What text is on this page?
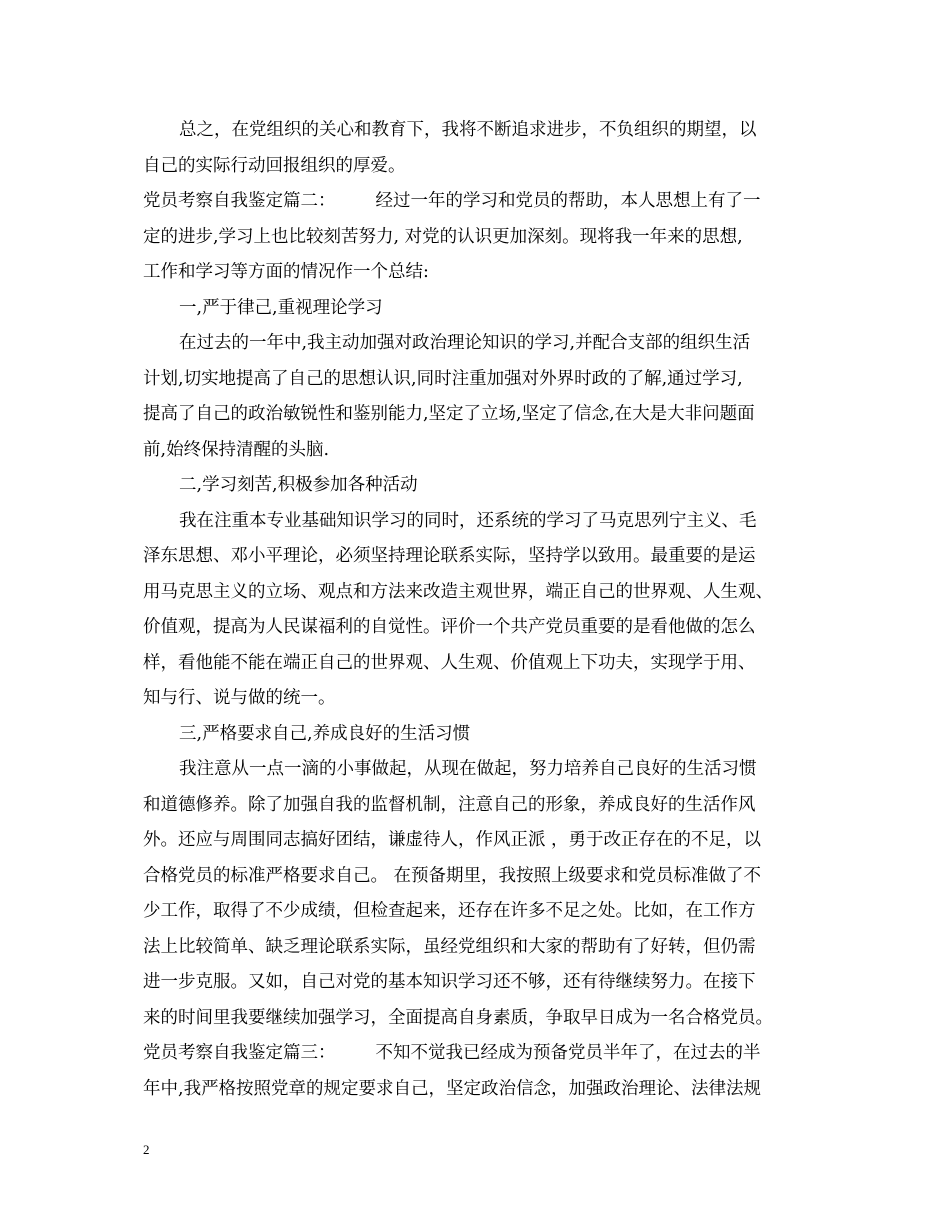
总之，在党组织的关心和教育下，我将不断追求进步，不负组织的期望，以
自己的实际行动回报组织的厚爱。
党员考察自我鉴定篇二： 经过一年的学习和党员的帮助，本人思想上有了一
定的进步,学习上也比较刻苦努力, 对党的认识更加深刻。现将我一年来的思想,
工作和学习等方面的情况作一个总结:
一,严于律己,重视理论学习
在过去的一年中,我主动加强对政治理论知识的学习,并配合支部的组织生活
计划,切实地提高了自己的思想认识,同时注重加强对外界时政的了解,通过学习,
提高了自己的政治敏锐性和鉴别能力,坚定了立场,坚定了信念,在大是大非问题面
前,始终保持清醒的头脑.
二,学习刻苦,积极参加各种活动
我在注重本专业基础知识学习的同时，还系统的学习了马克思列宁主义、毛
泽东思想、邓小平理论，必须坚持理论联系实际，坚持学以致用。最重要的是运
用马克思主义的立场、观点和方法来改造主观世界，端正自己的世界观、人生观、
价值观，提高为人民谋福利的自觉性。评价一个共产党员重要的是看他做的怎么
样，看他能不能在端正自己的世界观、人生观、价值观上下功夫，实现学于用、
知与行、说与做的统一。
三,严格要求自己,养成良好的生活习惯
我注意从一点一滴的小事做起，从现在做起，努力培养自己良好的生活习惯
和道德修养。除了加强自我的监督机制，注意自己的形象，养成良好的生活作风
外。还应与周围同志搞好团结，谦虚待人，作风正派 ，勇于改正存在的不足，以
合格党员的标准严格要求自己。 在预备期里，我按照上级要求和党员标准做了不
少工作，取得了不少成绩，但检查起来，还存在许多不足之处。比如，在工作方
法上比较简单、缺乏理论联系实际，虽经党组织和大家的帮助有了好转，但仍需
进一步克服。又如，自己对党的基本知识学习还不够，还有待继续努力。在接下
来的时间里我要继续加强学习，全面提高自身素质，争取早日成为一名合格党员。
党员考察自我鉴定篇三： 不知不觉我已经成为预备党员半年了，在过去的半
年中,我严格按照党章的规定要求自己，坚定政治信念，加强政治理论、法律法规
2
